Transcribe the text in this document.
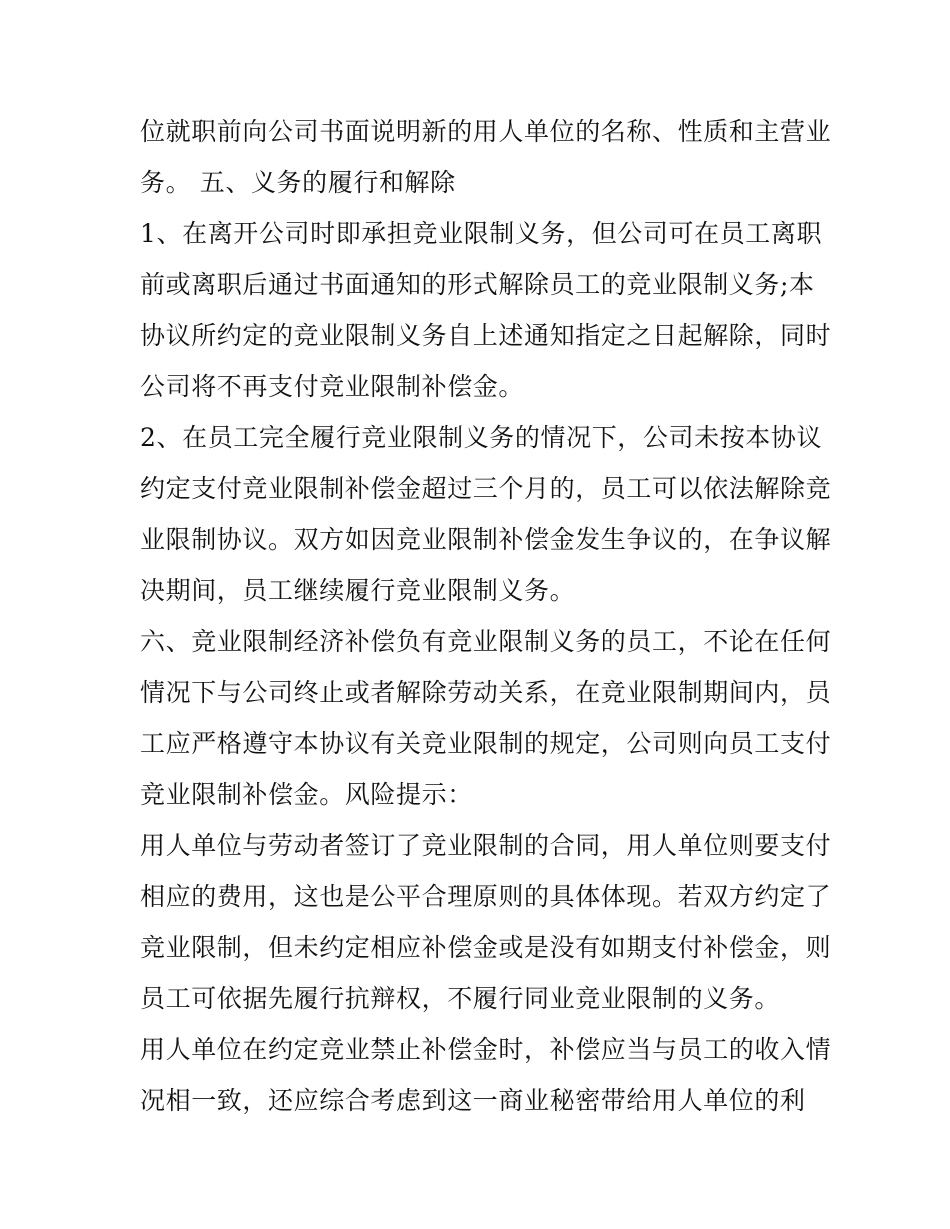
位就职前向公司书面说明新的用人单位的名称、性质和主营业
务。 五、义务的履行和解除
1、在离开公司时即承担竞业限制义务，但公司可在员工离职
前或离职后通过书面通知的形式解除员工的竞业限制义务;本
协议所约定的竞业限制义务自上述通知指定之日起解除，同时
公司将不再支付竞业限制补偿金。
2、在员工完全履行竞业限制义务的情况下，公司未按本协议
约定支付竞业限制补偿金超过三个月的，员工可以依法解除竞
业限制协议。双方如因竞业限制补偿金发生争议的，在争议解
决期间，员工继续履行竞业限制义务。
六、竞业限制经济补偿负有竞业限制义务的员工，不论在任何
情况下与公司终止或者解除劳动关系，在竞业限制期间内，员
工应严格遵守本协议有关竞业限制的规定，公司则向员工支付
竞业限制补偿金。风险提示：
用人单位与劳动者签订了竞业限制的合同，用人单位则要支付
相应的费用，这也是公平合理原则的具体体现。若双方约定了
竞业限制，但未约定相应补偿金或是没有如期支付补偿金，则
员工可依据先履行抗辩权，不履行同业竞业限制的义务。
用人单位在约定竞业禁止补偿金时，补偿应当与员工的收入情
况相一致，还应综合考虑到这一商业秘密带给用人单位的利
